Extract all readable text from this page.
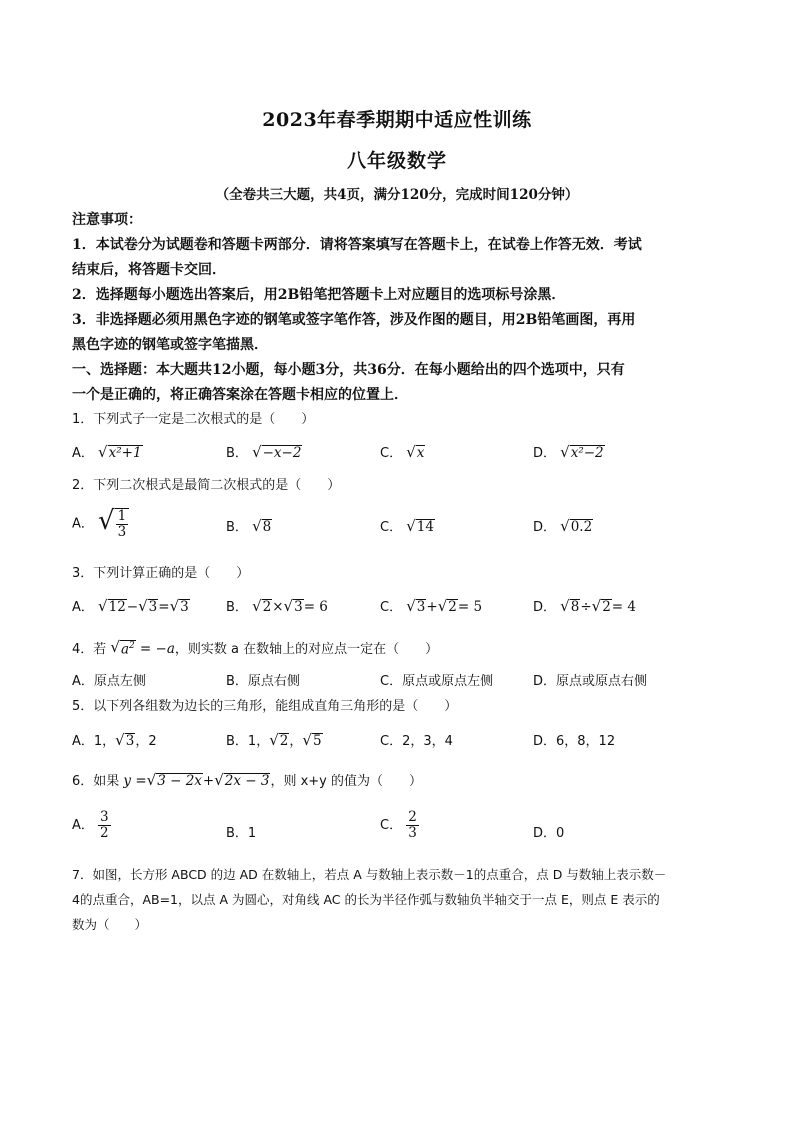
2023年春季期期中适应性训练
八年级数学
（全卷共三大题，共4页，满分120分，完成时间120分钟）
注意事项：
1．本试卷分为试题卷和答题卡两部分．请将答案填写在答题卡上，在试卷上作答无效．考试
结束后，将答题卡交回．
2．选择题每小题选出答案后，用2B铅笔把答题卡上对应题目的选项标号涂黑．
3．非选择题必须用黑色字迹的钢笔或签字笔作答，涉及作图的题目，用2B铅笔画图，再用
黑色字迹的钢笔或签字笔描黑．
一、选择题：本大题共12小题，每小题3分，共36分．在每小题给出的四个选项中，只有
一个是正确的，将正确答案涂在答题卡相应的位置上．
1．下列式子一定是二次根式的是（　　）
A． √ x²+1	B． √ −x−2	C． √ x	D． √ x²−2
2．下列二次根式是最简二次根式的是（　　）
A． √ $\frac{1}{3}$	B． √ 8	C． √ 14	D． √ 0.2
3．下列计算正确的是（　　）
A． √ 12 − √ 3 = √ 3	B． √ 2 × √ 3 = 6	C． √ 3 + √ 2 = 5	D． √ 8 ÷ √ 2 = 4
4．若 √ $a^2 = -a$，则实数 a 在数轴上的对应点一定在（　　）
A．原点左侧	B．原点右侧	C．原点或原点左侧	D．原点或原点右侧
5．以下列各组数为边长的三角形，能组成直角三角形的是（　　）
A．1， √ 3 ，2	B．1， √ 2 ， √ 5	C．2，3，4	D．6，8，12
6．如果 y = √ 3 − 2x + √ 2x − 3 ，则 x+y 的值为（　　）
A． $\frac{3}{2}$	B．1
C． $\frac{2}{3}$	D．0
7．如图，长方形 ABCD 的边 AD 在数轴上，若点 A 与数轴上表示数－1的点重合，点 D 与数轴上表示数－
4的点重合，AB=1，以点 A 为圆心，对角线 AC 的长为半径作弧与数轴负半轴交于一点 E，则点 E 表示的
数为（　　）
